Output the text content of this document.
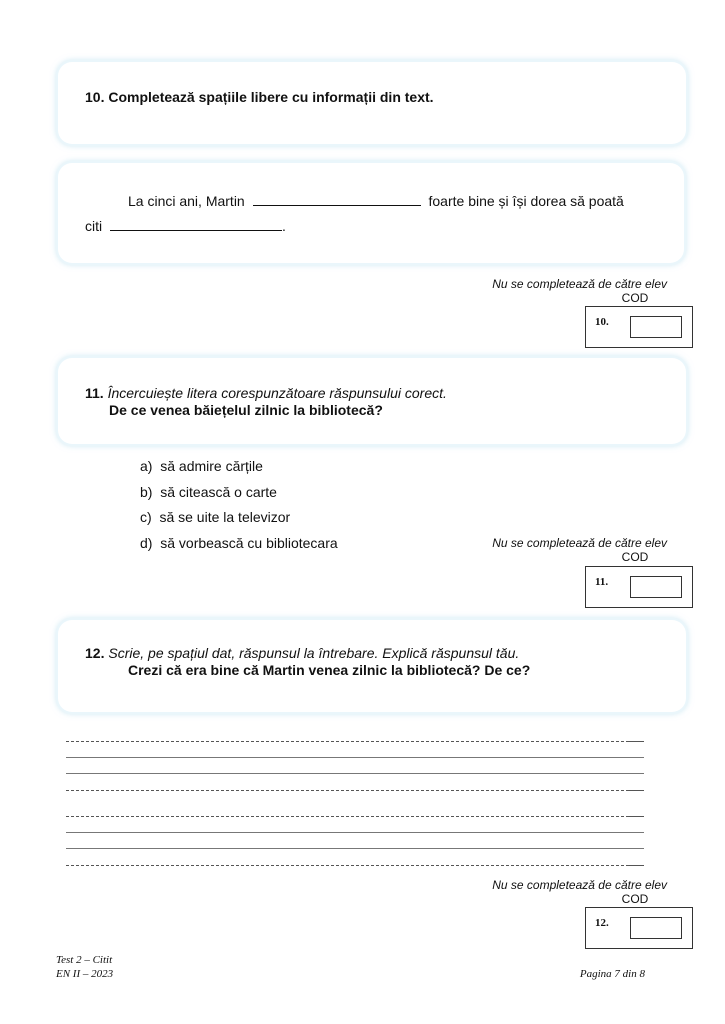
10. Completează spațiile libere cu informații din text.
La cinci ani, Martin	foarte bine și își dorea să poată
citi	.
Nu se completează de către elev
COD
10.
11. Încercuiește litera corespunzătoare răspunsului corect.
De ce venea băiețelul zilnic la bibliotecă?
a) să admire cărțile
b) să citească o carte
c) să se uite la televizor
d) să vorbească cu bibliotecara	Nu se completează de către elev
COD
11.
12. Scrie, pe spațiul dat, răspunsul la întrebare. Explică răspunsul tău.
Crezi că era bine că Martin venea zilnic la bibliotecă? De ce?
Nu se completează de către elev
COD
12.
Test 2 – Citit
EN II – 2023	Pagina 7 din 8
